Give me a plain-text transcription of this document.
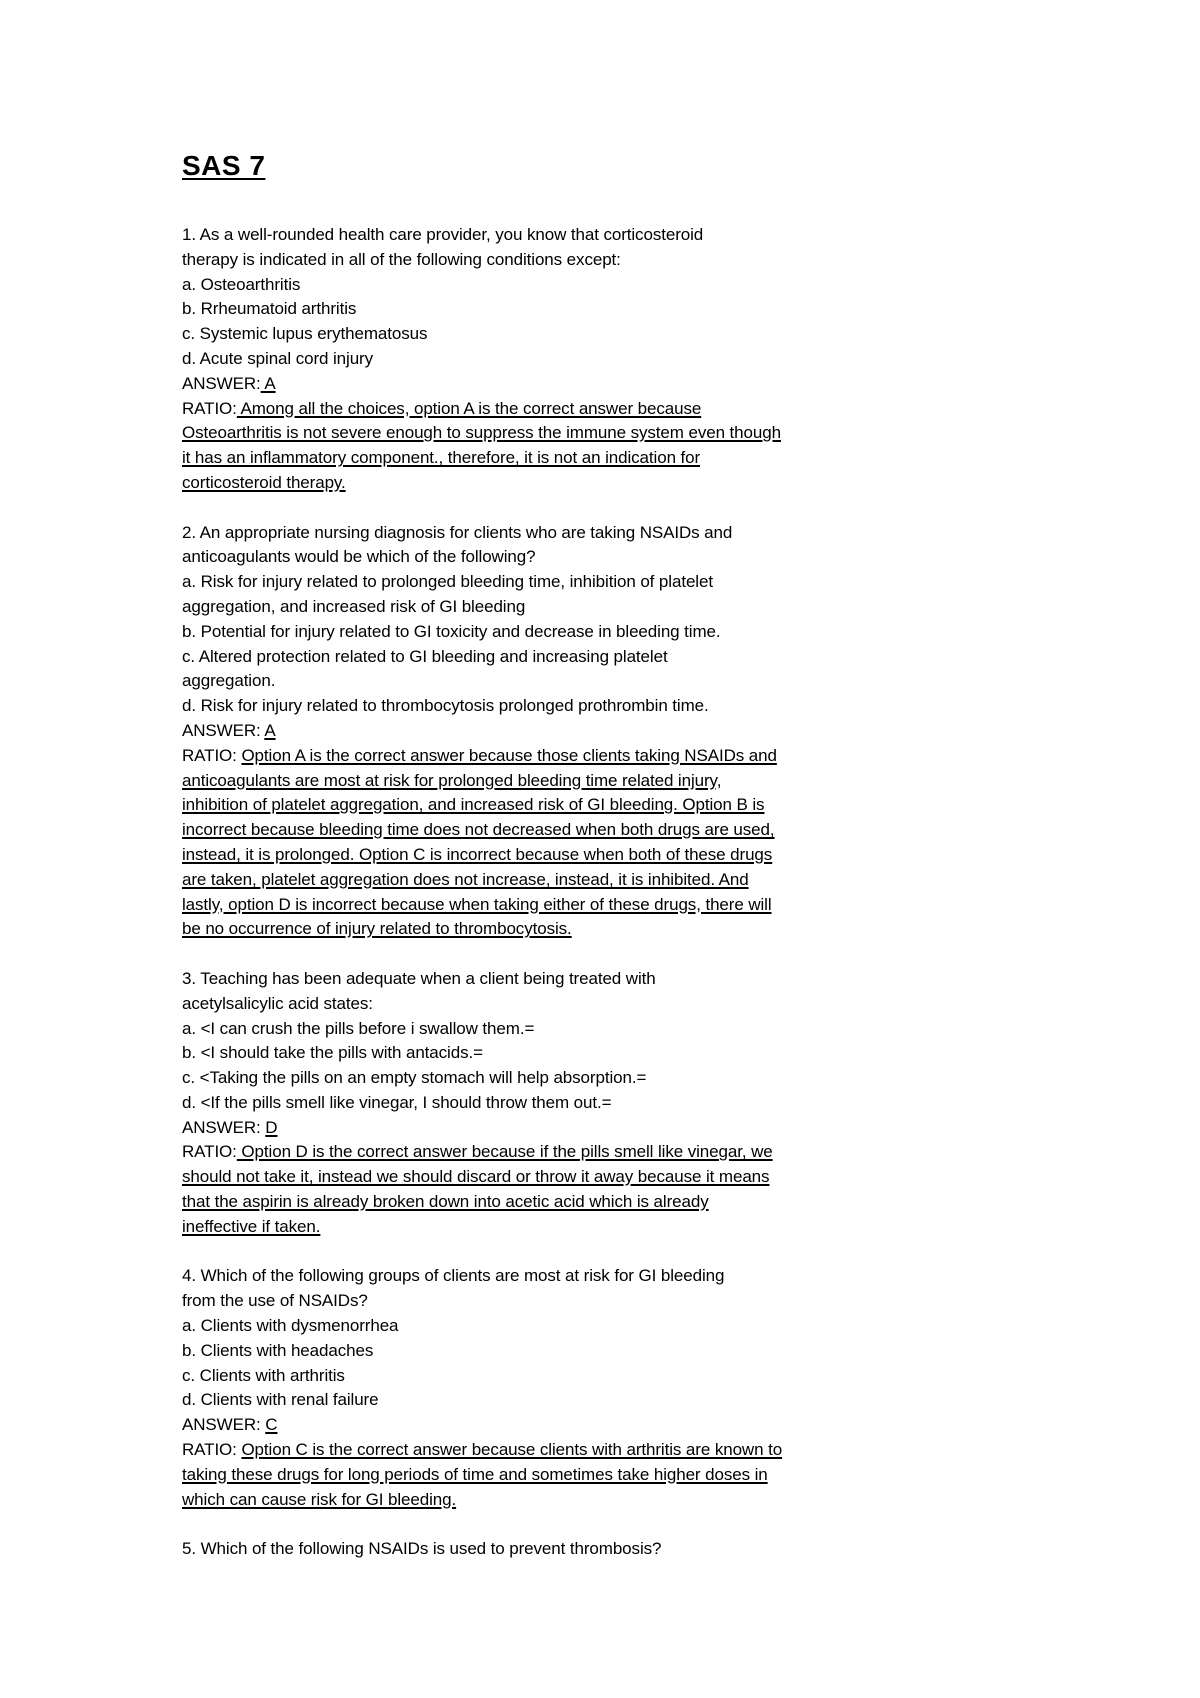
SAS 7
1. As a well-rounded health care provider, you know that corticosteroid
therapy is indicated in all of the following conditions except:
a. Osteoarthritis
b. Rrheumatoid arthritis
c. Systemic lupus erythematosus
d. Acute spinal cord injury
ANSWER: A
RATIO: Among all the choices, option A is the correct answer because
Osteoarthritis is not severe enough to suppress the immune system even though
it has an inflammatory component., therefore, it is not an indication for
corticosteroid therapy.
2. An appropriate nursing diagnosis for clients who are taking NSAIDs and
anticoagulants would be which of the following?
a. Risk for injury related to prolonged bleeding time, inhibition of platelet
aggregation, and increased risk of GI bleeding
b. Potential for injury related to GI toxicity and decrease in bleeding time.
c. Altered protection related to GI bleeding and increasing platelet
aggregation.
d. Risk for injury related to thrombocytosis prolonged prothrombin time.
ANSWER: A
RATIO: Option A is the correct answer because those clients taking NSAIDs and
anticoagulants are most at risk for prolonged bleeding time related injury,
inhibition of platelet aggregation, and increased risk of GI bleeding. Option B is
incorrect because bleeding time does not decreased when both drugs are used,
instead, it is prolonged. Option C is incorrect because when both of these drugs
are taken, platelet aggregation does not increase, instead, it is inhibited. And
lastly, option D is incorrect because when taking either of these drugs, there will
be no occurrence of injury related to thrombocytosis.
3. Teaching has been adequate when a client being treated with
acetylsalicylic acid states:
a. <I can crush the pills before i swallow them.=
b. <I should take the pills with antacids.=
c. <Taking the pills on an empty stomach will help absorption.=
d. <If the pills smell like vinegar, I should throw them out.=
ANSWER: D
RATIO: Option D is the correct answer because if the pills smell like vinegar, we
should not take it, instead we should discard or throw it away because it means
that the aspirin is already broken down into acetic acid which is already
ineffective if taken.
4. Which of the following groups of clients are most at risk for GI bleeding
from the use of NSAIDs?
a. Clients with dysmenorrhea
b. Clients with headaches
c. Clients with arthritis
d. Clients with renal failure
ANSWER: C
RATIO: Option C is the correct answer because clients with arthritis are known to
taking these drugs for long periods of time and sometimes take higher doses in
which can cause risk for GI bleeding.
5. Which of the following NSAIDs is used to prevent thrombosis?
